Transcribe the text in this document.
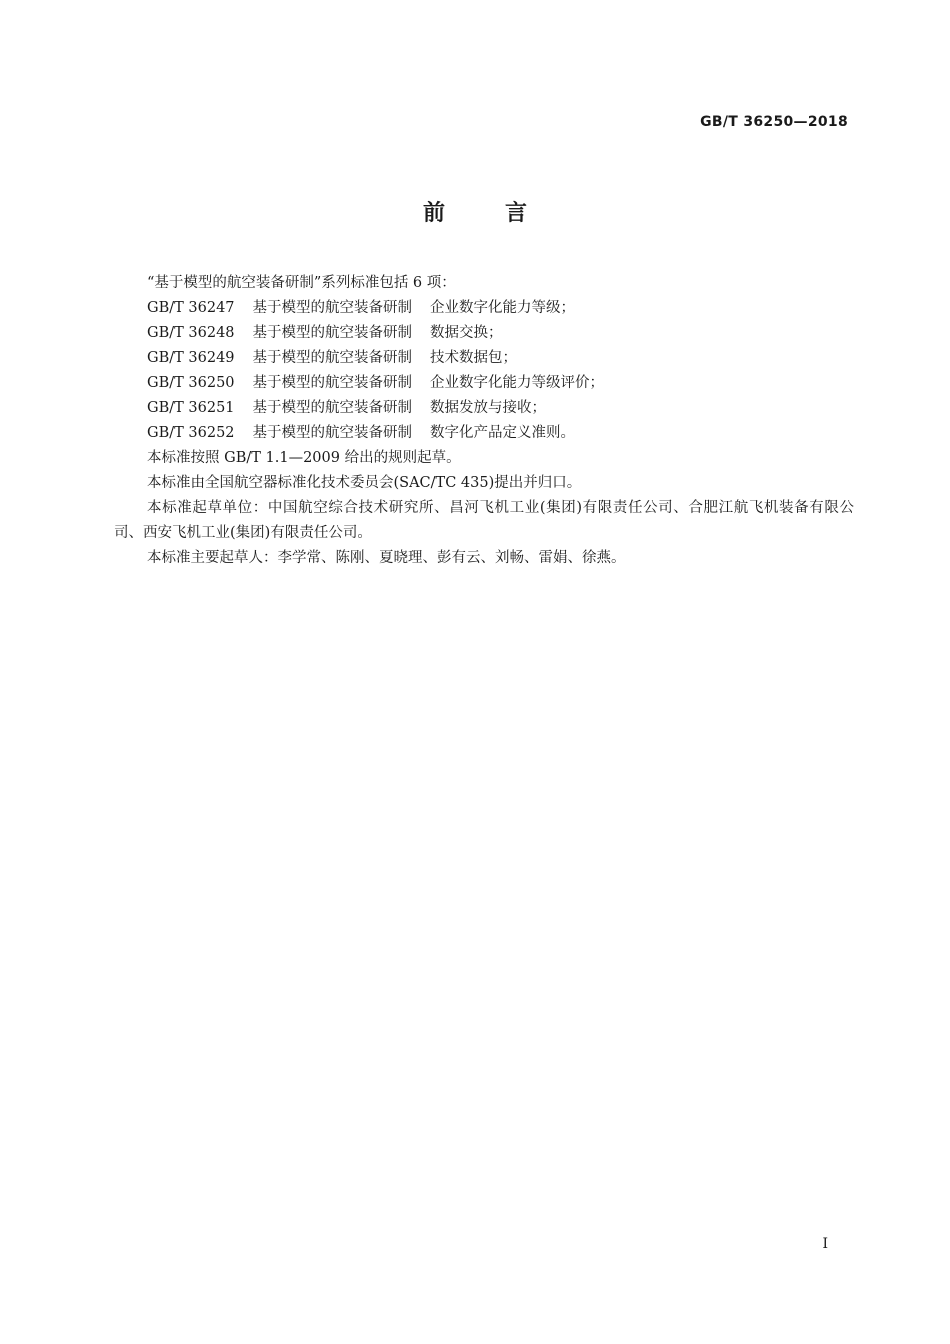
GB/T 36250—2018
前言

“基于模型的航空装备研制”系列标准包括 6 项：

GB/T 36247 基于模型的航空装备研制 企业数字化能力等级；

GB/T 36248 基于模型的航空装备研制 数据交换；

GB/T 36249 基于模型的航空装备研制 技术数据包；

GB/T 36250 基于模型的航空装备研制 企业数字化能力等级评价；

GB/T 36251 基于模型的航空装备研制 数据发放与接收；

GB/T 36252 基于模型的航空装备研制 数字化产品定义准则。

本标准按照 GB/T 1.1—2009 给出的规则起草。

本标准由全国航空器标准化技术委员会(SAC/TC 435)提出并归口。

本标准起草单位：中国航空综合技术研究所、昌河飞机工业(集团)有限责任公司、合肥江航飞机装备有限公司、西安飞机工业(集团)有限责任公司。

本标准主要起草人：李学常、陈刚、夏晓理、彭有云、刘畅、雷娟、徐燕。

I
